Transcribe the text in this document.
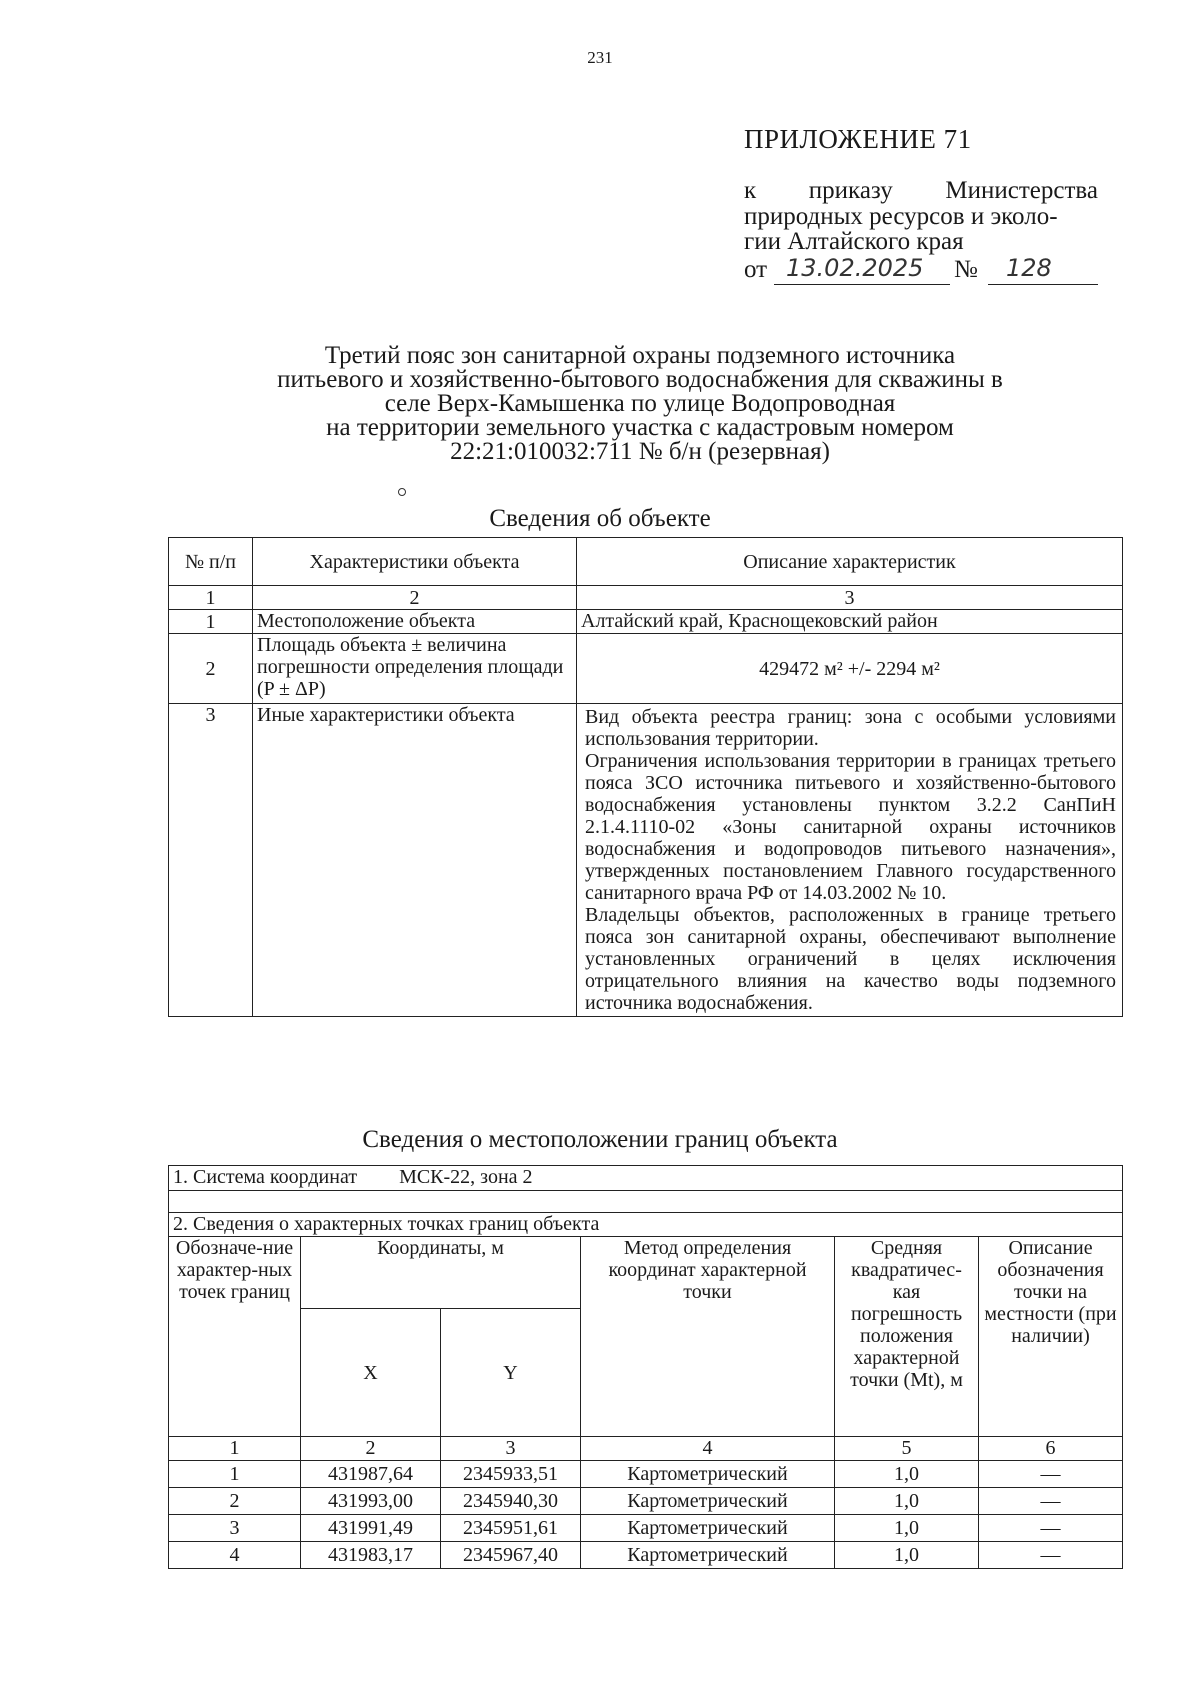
231
ПРИЛОЖЕНИЕ 71
к приказу Министерства
природных ресурсов и эколо-
гии Алтайского края
от 13.02.2025 № 128
Третий пояс зон санитарной охраны подземного источника
питьевого и хозяйственно-бытового водоснабжения для скважины в
селе Верх-Камышенка по улице Водопроводная
на территории земельного участка с кадастровым номером
22:21:010032:711 № б/н (резервная)
Сведения об объекте
№ п/п	Характеристики объекта	Описание характеристик
1	2	3
1	Местоположение объекта	Алтайский край, Краснощековский район
2	Площадь объекта ± величина погрешности определения площади (P ± ΔP)	429472 м² +/- 2294 м²
3	Иные характеристики объекта	Вид объекта реестра границ: зона с особыми условиями использования территории.

Ограничения использования территории в границах третьего пояса ЗСО источника питьевого и хозяйственно-бытового водоснабжения установлены пунктом 3.2.2 СанПиН 2.1.4.1110-02 «Зоны санитарной охраны источников водоснабжения и водопроводов питьевого назначения», утвержденных постановлением Главного государственного санитарного врача РФ от 14.03.2002 № 10.

Владельцы объектов, расположенных в границе третьего пояса зон санитарной охраны, обеспечивают выполнение установленных ограничений в целях исключения отрицательного влияния на качество воды подземного источника водоснабжения.

Сведения о местоположении границ объекта
1. Система координат МСК-22, зона 2					

2. Сведения о характерных точках границ объекта					
Обозначе-ние характер-ных точек границ	Координаты, м		Метод определения координат характерной точки	Средняя квадратичес-кая погрешность положения характерной точки (Mt), м	Описание обозначения точки на местности (при наличии)
	X	Y			
1	2	3	4	5	6
1	431987,64	2345933,51	Картометрический	1,0	—
2	431993,00	2345940,30	Картометрический	1,0	—
3	431991,49	2345951,61	Картометрический	1,0	—
4	431983,17	2345967,40	Картометрический	1,0	—
